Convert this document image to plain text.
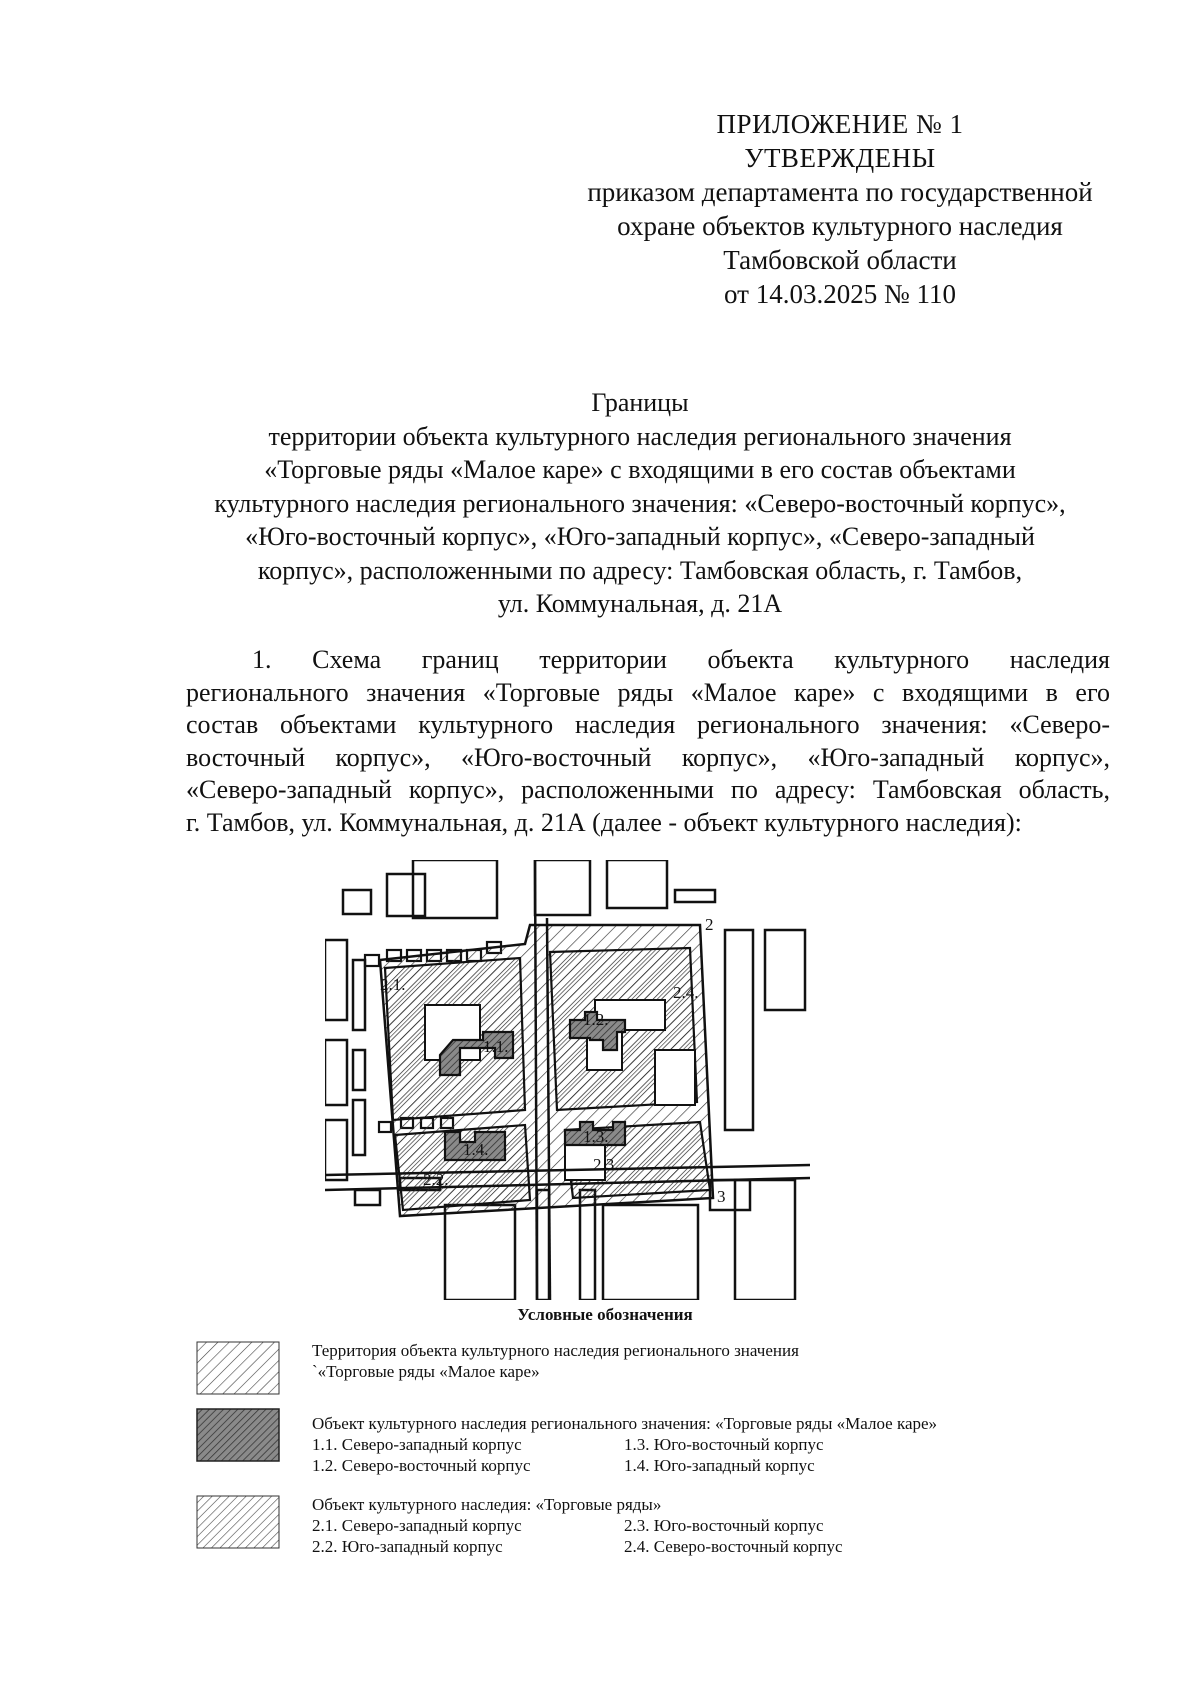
ПРИЛОЖЕНИЕ № 1
УТВЕРЖДЕНЫ
приказом департамента по государственной
охране объектов культурного наследия
Тамбовской области
от 14.03.2025 № 110
Границы
территории объекта культурного наследия регионального значения
«Торговые ряды «Малое каре» с входящими в его состав объектами
культурного наследия регионального значения: «Северо-восточный корпус»,
«Юго-восточный корпус», «Юго-западный корпус», «Северо-западный
корпус», расположенными по адресу: Тамбовская область, г. Тамбов,
ул. Коммунальная, д. 21А
1. Схема границ территории объекта культурного наследия
регионального значения «Торговые ряды «Малое каре» с входящими в его
состав объектами культурного наследия регионального значения: «Северо-
восточный корпус», «Юго-восточный корпус», «Юго-западный корпус»,
«Северо-западный корпус», расположенными по адресу: Тамбовская область,
г. Тамбов, ул. Коммунальная, д. 21А (далее - объект культурного наследия):
2.1.
2.2.
2.3.
2.4.
1.1.
1.2.
1.3.
1.4.
2
3
Условные обозначения
Территория объекта культурного наследия регионального значения
`«Торговые ряды «Малое каре»
Объект культурного наследия регионального значения: «Торговые ряды «Малое каре»
1.1. Северо-западный корпус
1.2. Северо-восточный корпус
1.3. Юго-восточный корпус
1.4. Юго-западный корпус
Объект культурного наследия: «Торговые ряды»
2.1. Северо-западный корпус
2.2. Юго-западный корпус
2.3. Юго-восточный корпус
2.4. Северо-восточный корпус
